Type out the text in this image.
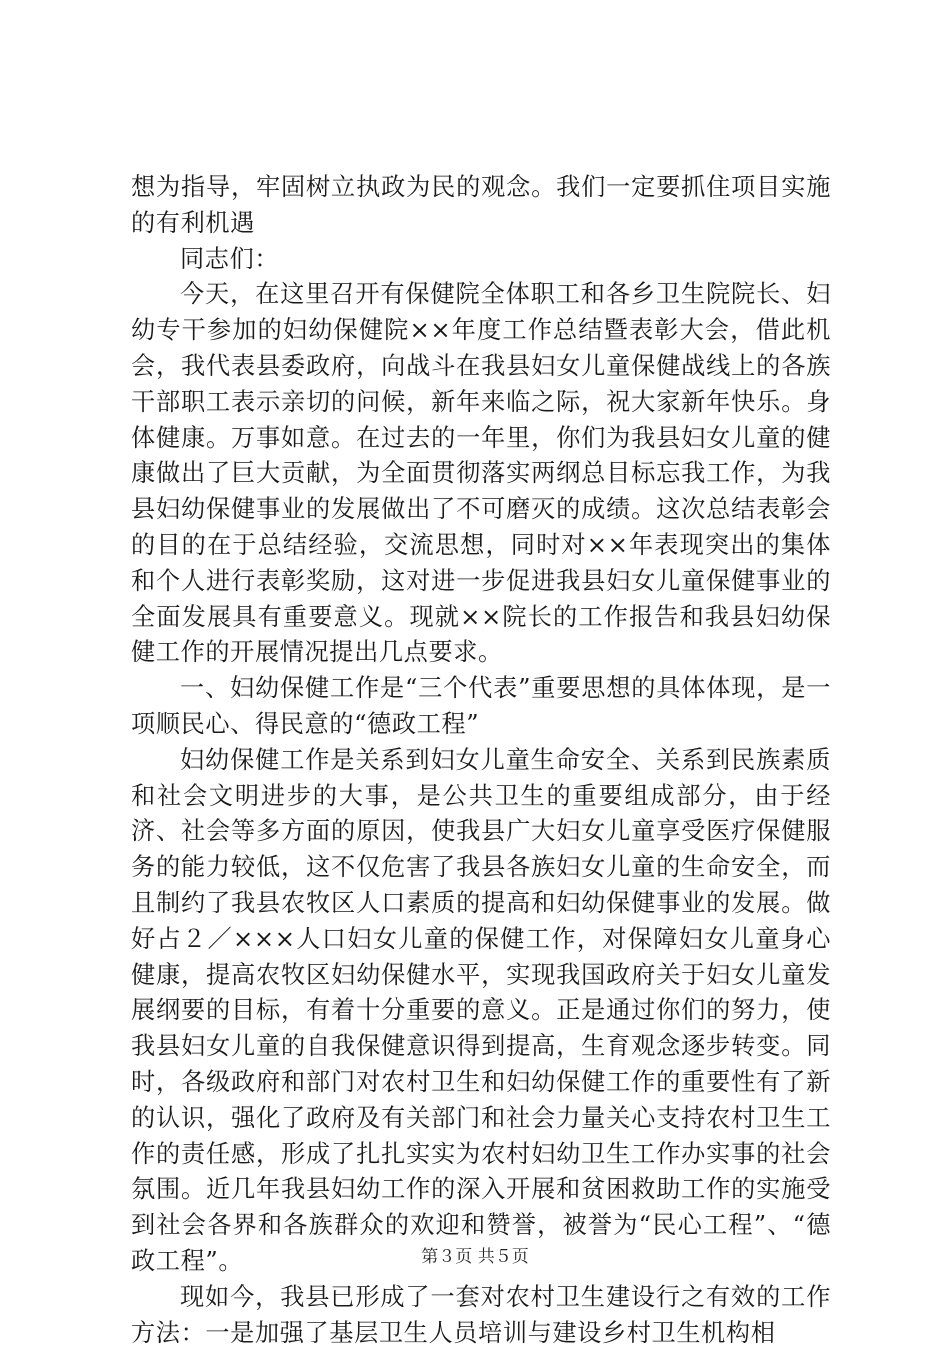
想为指导，牢固树立执政为民的观念。我们一定要抓住项目实施的有利机遇

同志们：

今天，在这里召开有保健院全体职工和各乡卫生院院长、妇幼专干参加的妇幼保健院××年度工作总结暨表彰大会，借此机会，我代表县委政府，向战斗在我县妇女儿童保健战线上的各族干部职工表示亲切的问候，新年来临之际，祝大家新年快乐。身体健康。万事如意。在过去的一年里，你们为我县妇女儿童的健康做出了巨大贡献，为全面贯彻落实两纲总目标忘我工作，为我县妇幼保健事业的发展做出了不可磨灭的成绩。这次总结表彰会的目的在于总结经验，交流思想，同时对××年表现突出的集体和个人进行表彰奖励，这对进一步促进我县妇女儿童保健事业的全面发展具有重要意义。现就××院长的工作报告和我县妇幼保健工作的开展情况提出几点要求。

一、妇幼保健工作是“三个代表”重要思想的具体体现，是一项顺民心、得民意的“德政工程”

妇幼保健工作是关系到妇女儿童生命安全、关系到民族素质和社会文明进步的大事，是公共卫生的重要组成部分，由于经济、社会等多方面的原因，使我县广大妇女儿童享受医疗保健服务的能力较低，这不仅危害了我县各族妇女儿童的生命安全，而且制约了我县农牧区人口素质的提高和妇幼保健事业的发展。做好占２／×××人口妇女儿童的保健工作，对保障妇女儿童身心健康，提高农牧区妇幼保健水平，实现我国政府关于妇女儿童发展纲要的目标，有着十分重要的意义。正是通过你们的努力，使我县妇女儿童的自我保健意识得到提高，生育观念逐步转变。同时，各级政府和部门对农村卫生和妇幼保健工作的重要性有了新的认识，强化了政府及有关部门和社会力量关心支持农村卫生工作的责任感，形成了扎扎实实为农村妇幼卫生工作办实事的社会氛围。近几年我县妇幼工作的深入开展和贫困救助工作的实施受到社会各界和各族群众的欢迎和赞誉，被誉为“民心工程”、“德政工程”。

现如今，我县已形成了一套对农村卫生建设行之有效的工作方法：一是加强了基层卫生人员培训与建设乡村卫生机构相

第３页 共５页
